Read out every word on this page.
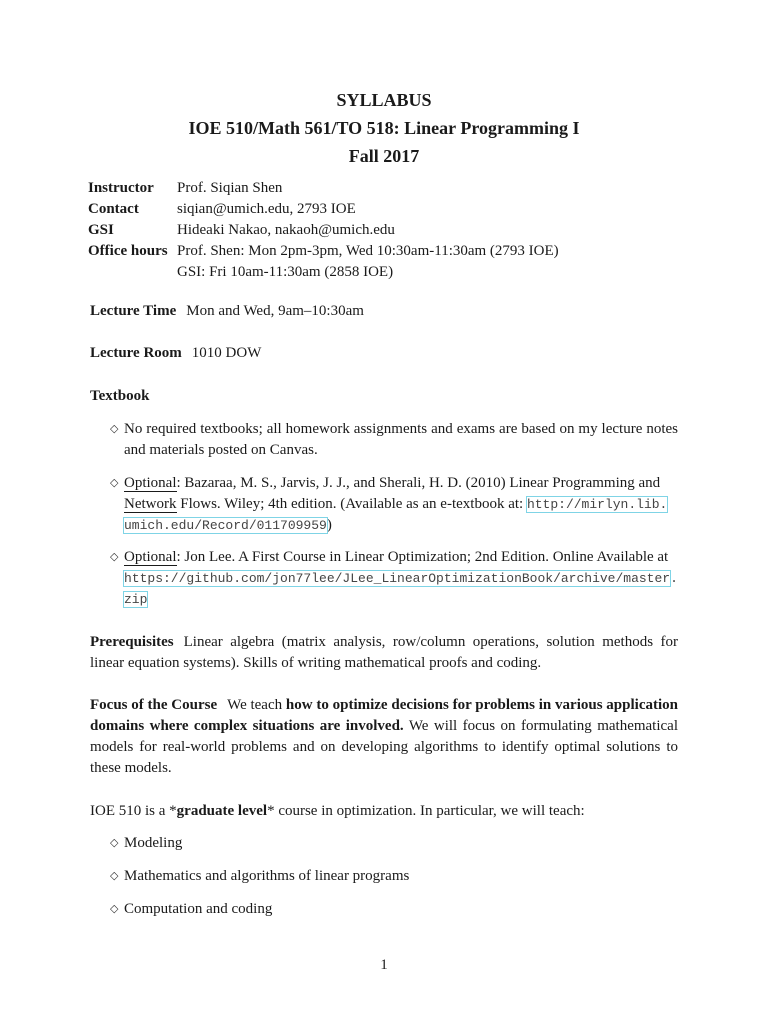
SYLLABUS
IOE 510/Math 561/TO 518: Linear Programming I
Fall 2017
Instructor	Prof. Siqian Shen
Contact	siqian@umich.edu, 2793 IOE
GSI	Hideaki Nakao, nakaoh@umich.edu
Office hours Prof. Shen: Mon 2pm-3pm, Wed 10:30am-11:30am (2793 IOE)
GSI: Fri 10am-11:30am (2858 IOE)
Lecture Time Mon and Wed, 9am–10:30am
Lecture Room 1010 DOW
Textbook
◇ No required textbooks; all homework assignments and exams are based on my lecture notes and materials posted on Canvas.
◇ Optional: Bazaraa, M. S., Jarvis, J. J., and Sherali, H. D. (2010) Linear Programming and
Network Flows. Wiley; 4th edition. (Available as an e-textbook at: http://mirlyn.lib.
umich.edu/Record/011709959)
◇ Optional: Jon Lee. A First Course in Linear Optimization; 2nd Edition. Online Available at
https://github.com/jon77lee/JLee_LinearOptimizationBook/archive/master.
zip
Prerequisites Linear algebra (matrix analysis, row/column operations, solution methods for linear equation systems). Skills of writing mathematical proofs and coding.
Focus of the Course We teach how to optimize decisions for problems in various application domains where complex situations are involved. We will focus on formulating mathematical models for real-world problems and on developing algorithms to identify optimal solutions to these models.
IOE 510 is a *graduate level* course in optimization. In particular, we will teach:
◇ Modeling
◇ Mathematics and algorithms of linear programs
◇ Computation and coding
1
